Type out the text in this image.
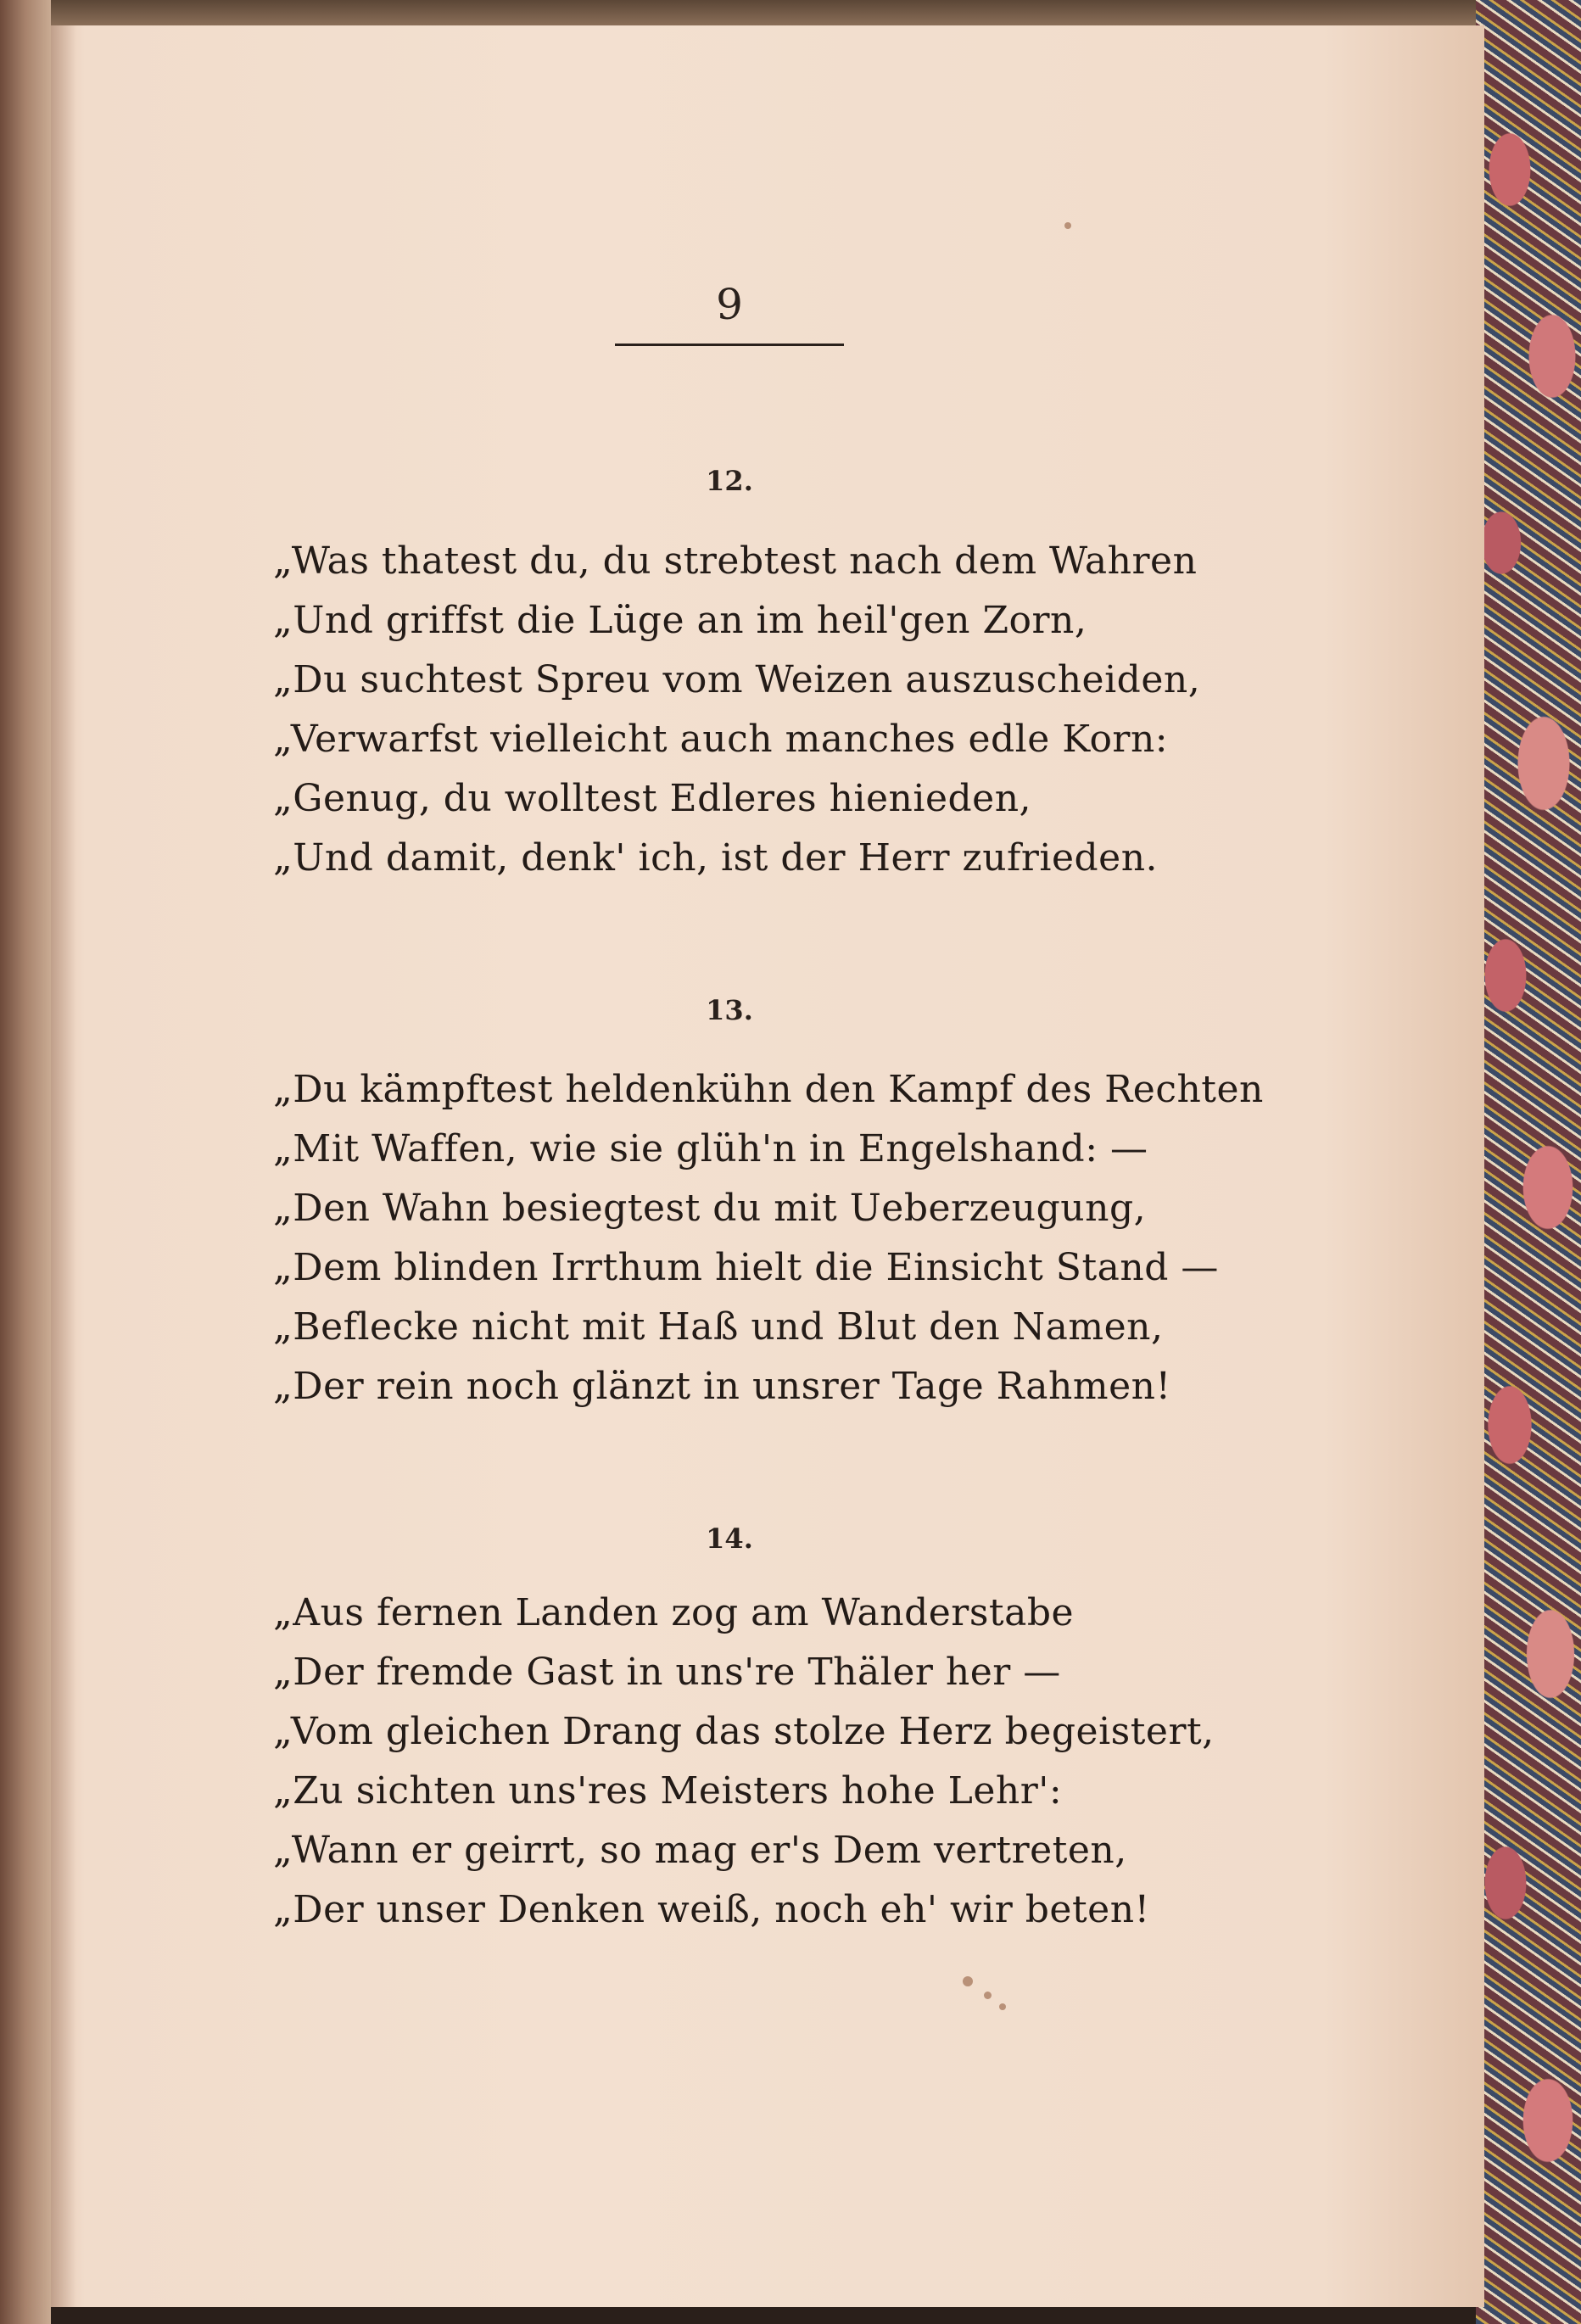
9
12.
„Was thatest du, du strebtest nach dem Wahren
„Und griffst die Lüge an im heil'gen Zorn,
„Du suchtest Spreu vom Weizen auszuscheiden,
„Verwarfst vielleicht auch manches edle Korn:
„Genug, du wolltest Edleres hienieden,
„Und damit, denk' ich, ist der Herr zufrieden.
13.
„Du kämpftest heldenkühn den Kampf des Rechten
„Mit Waffen, wie sie glüh'n in Engelshand: —
„Den Wahn besiegtest du mit Ueberzeugung,
„Dem blinden Irrthum hielt die Einsicht Stand —
„Beflecke nicht mit Haß und Blut den Namen,
„Der rein noch glänzt in unsrer Tage Rahmen!
14.
„Aus fernen Landen zog am Wanderstabe
„Der fremde Gast in uns're Thäler her —
„Vom gleichen Drang das stolze Herz begeistert,
„Zu sichten uns'res Meisters hohe Lehr':
„Wann er geirrt, so mag er's Dem vertreten,
„Der unser Denken weiß, noch eh' wir beten!
